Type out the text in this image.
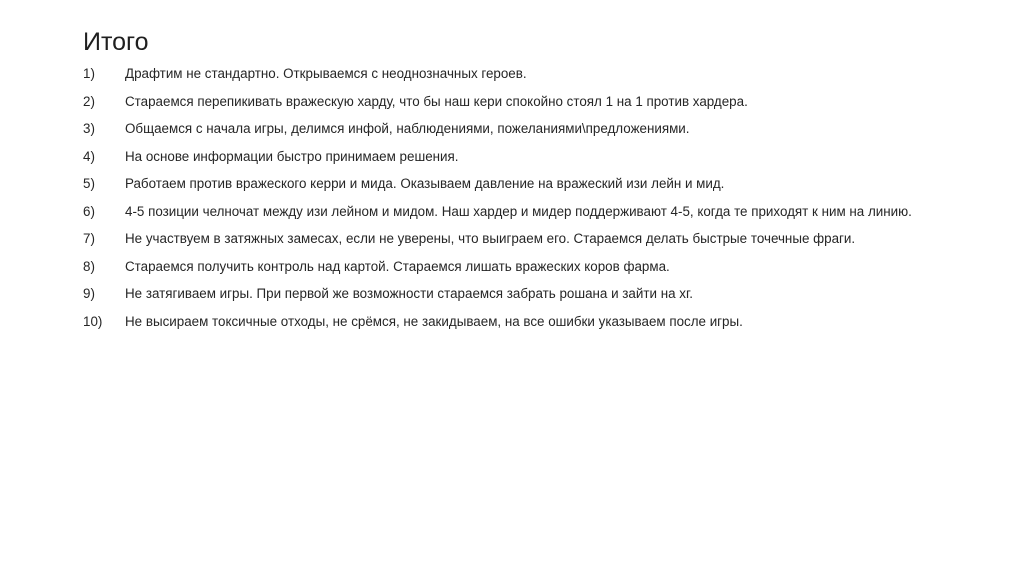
Итого
1)	Драфтим не стандартно. Открываемся с неоднозначных героев.
2)	Стараемся перепикивать вражескую харду, что бы наш кери спокойно стоял 1 на 1 против хардера.
3)	Общаемся с начала игры, делимся инфой, наблюдениями, пожеланиями\предложениями.
4)	На основе информации быстро принимаем решения.
5)	Работаем против вражеского керри и мида. Оказываем давление на вражеский изи лейн и мид.
6)	4-5 позиции челночат между изи лейном и мидом. Наш хардер и мидер поддерживают 4-5, когда те приходят к ним на линию.
7)	Не участвуем в затяжных замесах, если не уверены, что выиграем его. Стараемся делать быстрые точечные фраги.
8)	Стараемся получить контроль над картой. Стараемся лишать вражеских коров фарма.
9)	Не затягиваем игры. При первой же возможности стараемся забрать рошана и зайти на хг.
10)	Не высираем токсичные отходы, не срёмся, не закидываем, на все ошибки указываем после игры.
